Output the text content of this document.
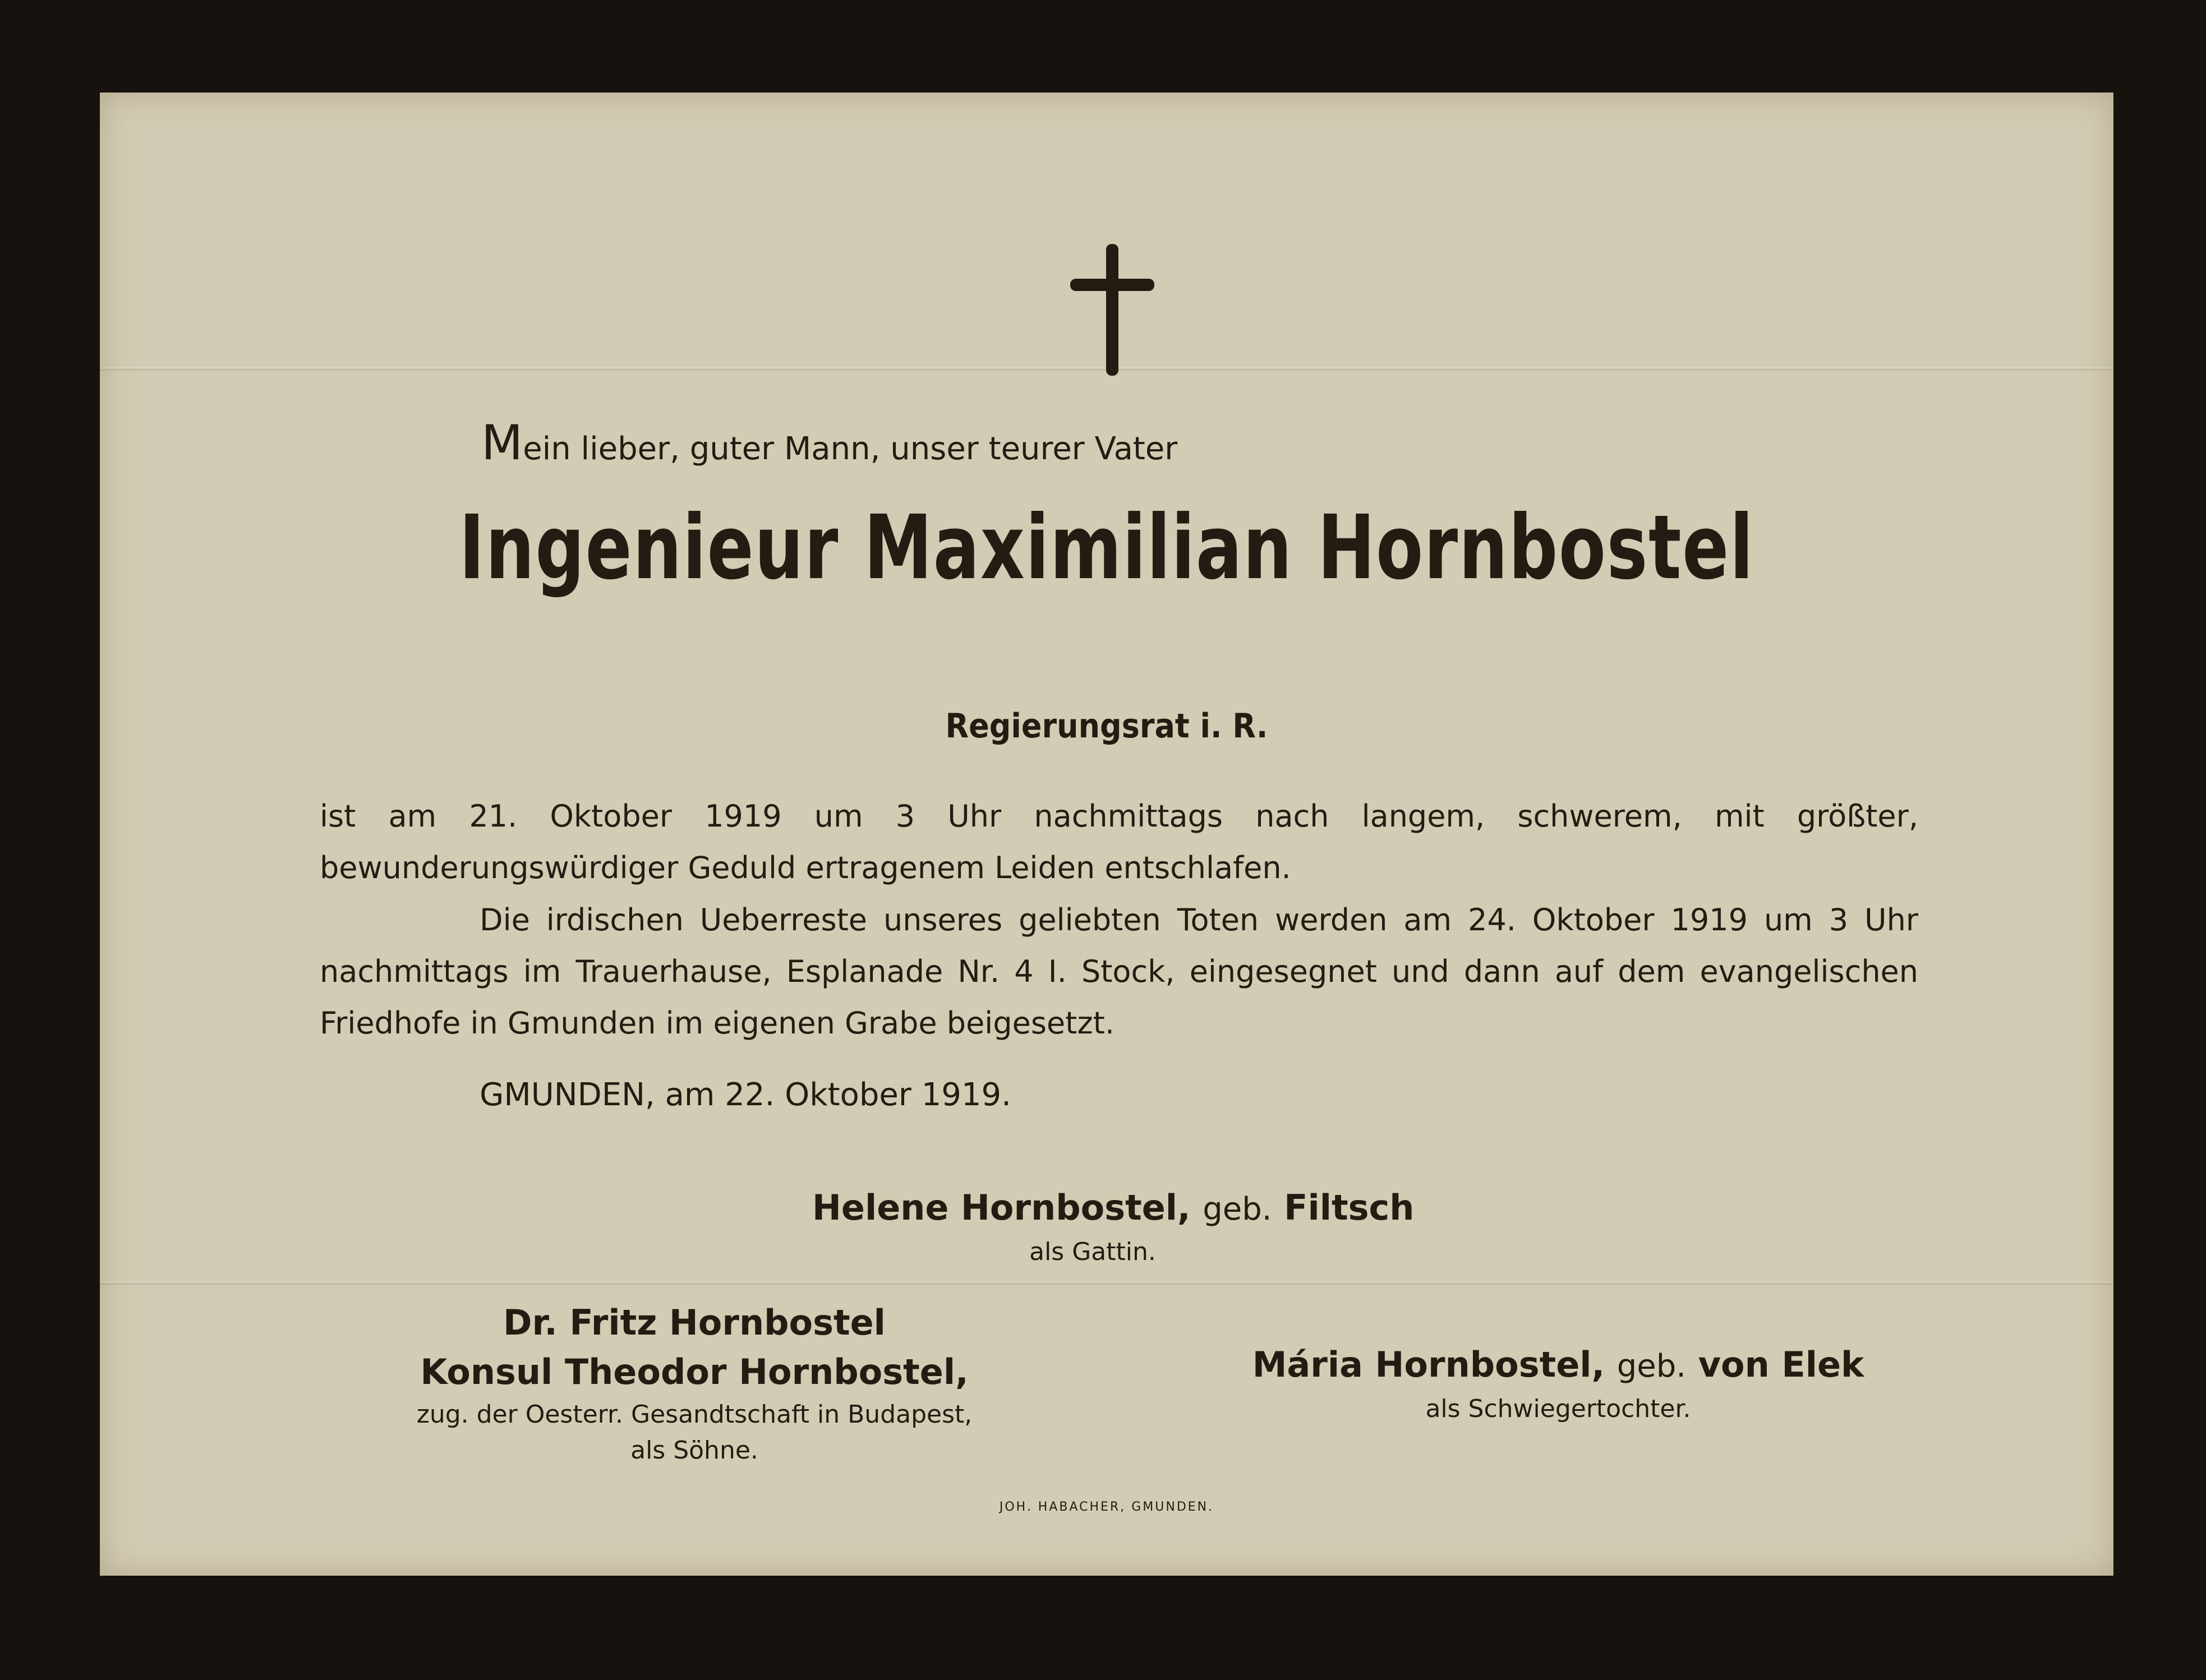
Mein lieber, guter Mann, unser teurer Vater
Ingenieur Maximilian Hornbostel
Regierungsrat i. R.
ist am 21. Oktober 1919 um 3 Uhr nachmittags nach langem, schwerem, mit größter, bewunderungswürdiger Geduld ertragenem Leiden entschlafen.
Die irdischen Ueberreste unseres geliebten Toten werden am 24. Oktober 1919 um 3 Uhr nachmittags im Trauerhause, Esplanade Nr. 4 I. Stock, eingesegnet und dann auf dem evangelischen Friedhofe in Gmunden im eigenen Grabe beigesetzt.
GMUNDEN, am 22. Oktober 1919.
Helene Hornbostel, geb. Filtsch
als Gattin.
Dr. Fritz Hornbostel
Konsul Theodor Hornbostel,
zug. der Oesterr. Gesandtschaft in Budapest,
als Söhne.
Mária Hornbostel, geb. von Elek
als Schwiegertochter.
JOH. HABACHER, GMUNDEN.
